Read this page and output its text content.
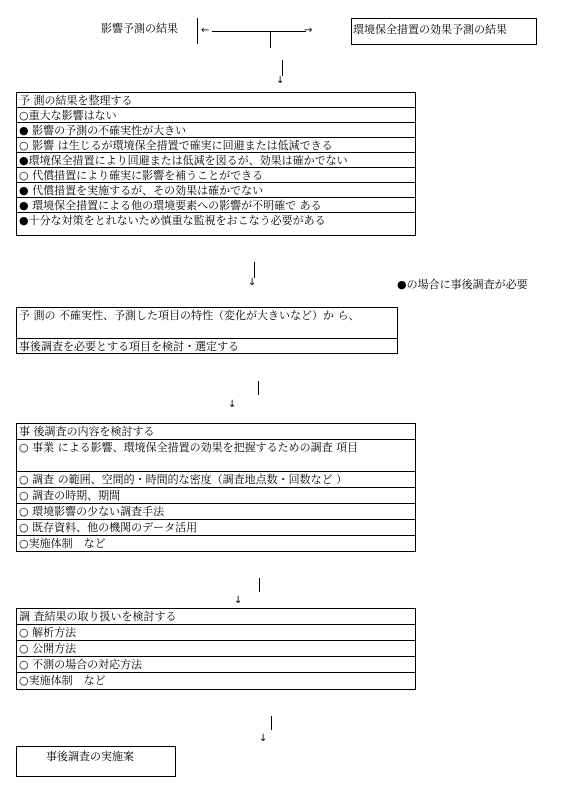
影響予測の結果	←	→	環境保全措置の効果予測の結果
↓
予 測の結果を整理する
○重大な影響はない
● 影響の予測の不確実性が大きい
○ 影響 は生じるが環境保全措置で確実に回避または低減できる
●環境保全措置により回避または低減を図るが、効果は確かでない
○ 代償措置により確実に影響を補うことができる
● 代償措置を実施するが、その効果は確かでない
● 環境保全措置による他の環境要素への影響が不明確で ある
●十分な対策をとれないため慎重な監視をおこなう必要がある
↓	●の場合に事後調査が必要
予 測の 不確実性、予測した項目の特性（変化が大きいなど）か ら、
事後調査を必要とする項目を検討・選定する
↓
事 後調査の内容を検討する
○ 事業 による影響、環境保全措置の効果を把握するための調査 項目
○ 調査 の範囲、空間的・時間的な密度（調査地点数・回数など ）
○ 調査の時期、期間
○ 環境影響の少ない調査手法
○ 既存資料、他の機関のデータ活用
○実施体制　など
↓
調 査結果の取り扱いを検討する
○ 解析方法
○ 公開方法
○ 不測の場合の対応方法
○実施体制　など
↓
事後調査の実施案
